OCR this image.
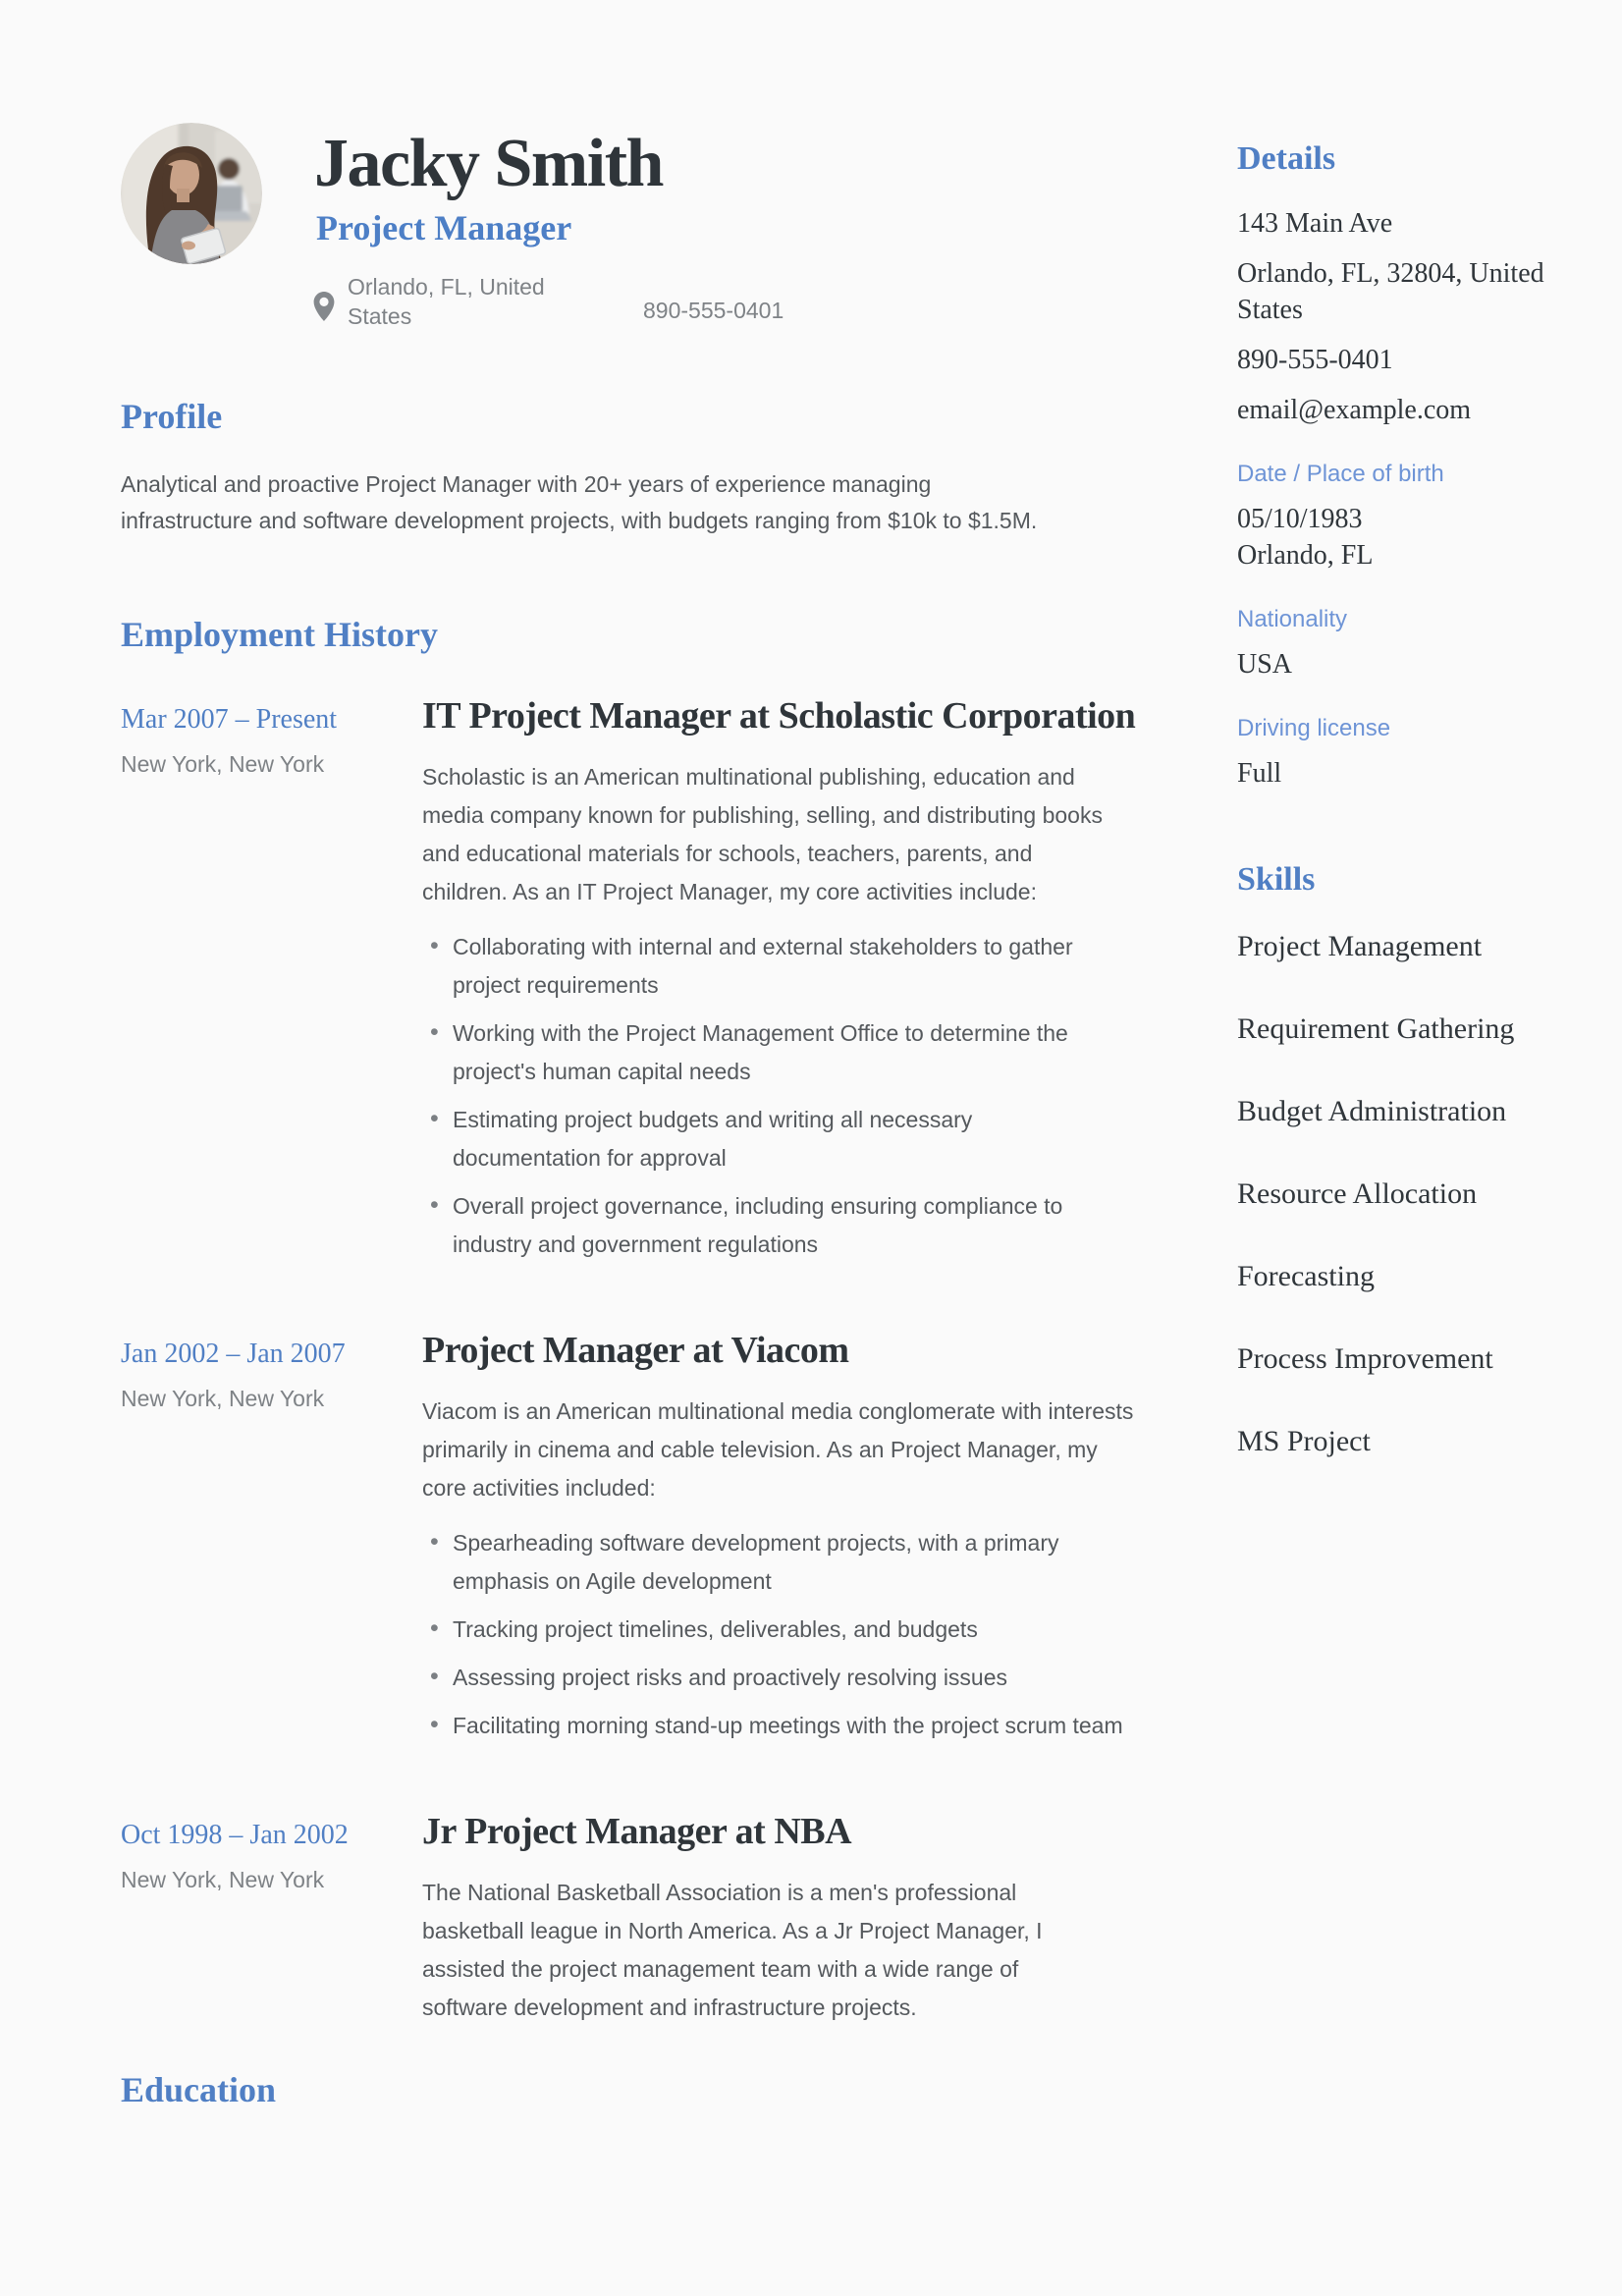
Jacky Smith
Project Manager
Orlando, FL, United States	890-555-0401
Profile

Analytical and proactive Project Manager with 20+ years of experience managing infrastructure and software development projects, with budgets ranging from $10k to $1.5M.

Employment History
Mar 2007 – Present
New York, New York
IT Project Manager at Scholastic Corporation

Scholastic is an American multinational publishing, education and media company known for publishing, selling, and distributing books and educational materials for schools, teachers, parents, and children. As an IT Project Manager, my core activities include:

• Collaborating with internal and external stakeholders to gather project requirements
• Working with the Project Management Office to determine the project's human capital needs
• Estimating project budgets and writing all necessary documentation for approval
• Overall project governance, including ensuring compliance to industry and government regulations
Jan 2002 – Jan 2007
New York, New York
Project Manager at Viacom

Viacom is an American multinational media conglomerate with interests primarily in cinema and cable television. As an Project Manager, my core activities included:

• Spearheading software development projects, with a primary emphasis on Agile development
• Tracking project timelines, deliverables, and budgets
• Assessing project risks and proactively resolving issues
• Facilitating morning stand-up meetings with the project scrum team
Oct 1998 – Jan 2002
New York, New York
Jr Project Manager at NBA

The National Basketball Association is a men's professional basketball league in North America. As a Jr Project Manager, I assisted the project management team with a wide range of software development and infrastructure projects.

Education
Details
143 Main Ave
Orlando, FL, 32804, United States
890-555-0401
email@example.com
Date / Place of birth
05/10/1983
Orlando, FL
Nationality
USA
Driving license
Full
Skills
Project Management
Requirement Gathering
Budget Administration
Resource Allocation
Forecasting
Process Improvement
MS Project
